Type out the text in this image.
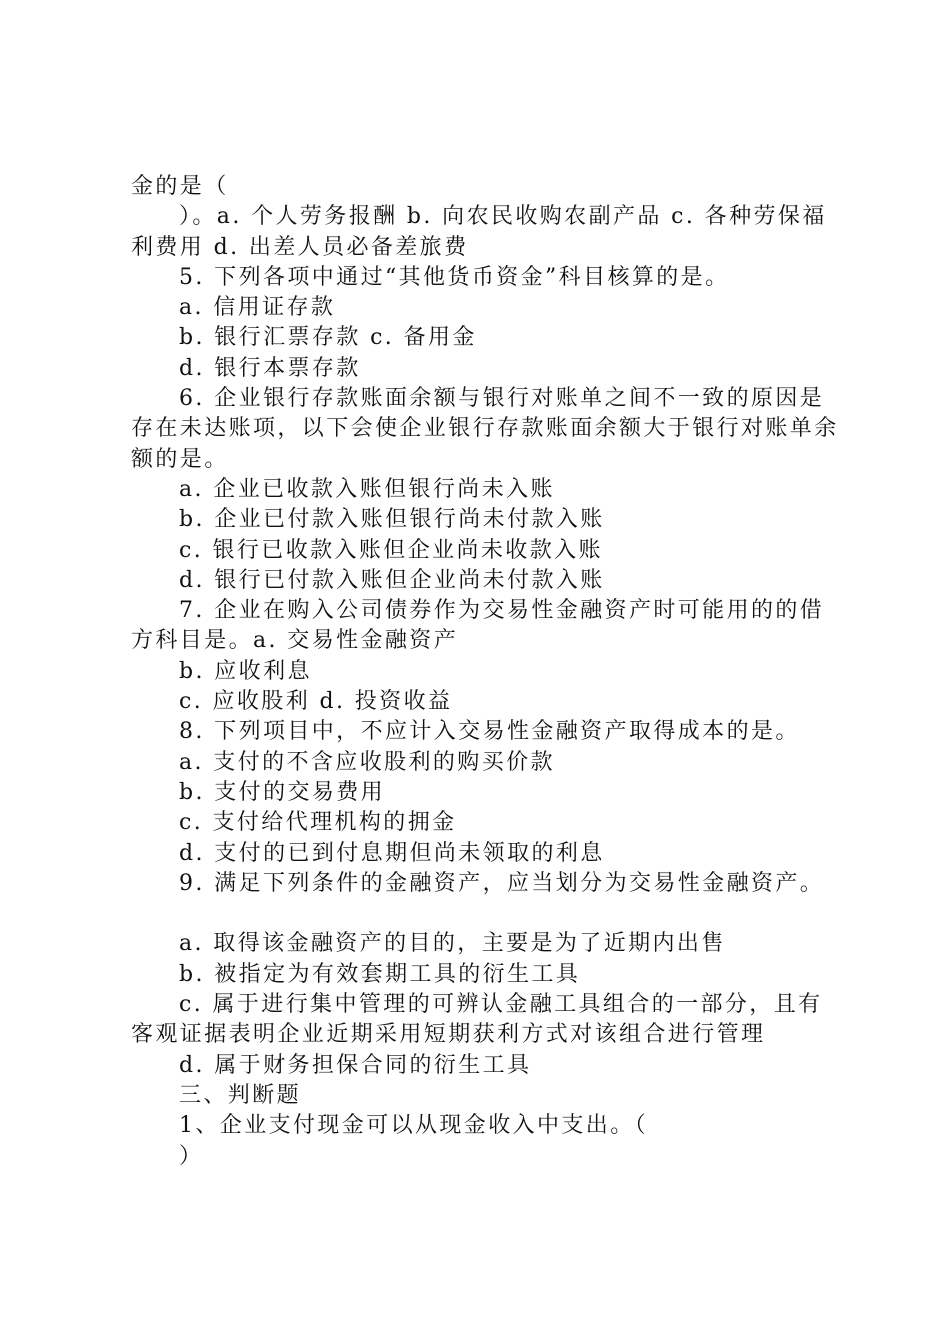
金的是（

）。a. 个人劳务报酬 b. 向农民收购农副产品 c. 各种劳保福利费用 d. 出差人员必备差旅费

5. 下列各项中通过“其他货币资金”科目核算的是。

a. 信用证存款

b. 银行汇票存款 c. 备用金

d. 银行本票存款

6. 企业银行存款账面余额与银行对账单之间不一致的原因是存在未达账项，以下会使企业银行存款账面余额大于银行对账单余额的是。

a. 企业已收款入账但银行尚未入账

b. 企业已付款入账但银行尚未付款入账

c. 银行已收款入账但企业尚未收款入账

d. 银行已付款入账但企业尚未付款入账

7. 企业在购入公司债券作为交易性金融资产时可能用的的借方科目是。a. 交易性金融资产

b. 应收利息

c. 应收股利 d. 投资收益

8. 下列项目中，不应计入交易性金融资产取得成本的是。

a. 支付的不含应收股利的购买价款

b. 支付的交易费用

c. 支付给代理机构的拥金

d. 支付的已到付息期但尚未领取的利息

9. 满足下列条件的金融资产，应当划分为交易性金融资产。

a. 取得该金融资产的目的，主要是为了近期内出售

b. 被指定为有效套期工具的衍生工具

c. 属于进行集中管理的可辨认金融工具组合的一部分，且有客观证据表明企业近期采用短期获利方式对该组合进行管理

d. 属于财务担保合同的衍生工具

三、判断题

1、企业支付现金可以从现金收入中支出。（

）
